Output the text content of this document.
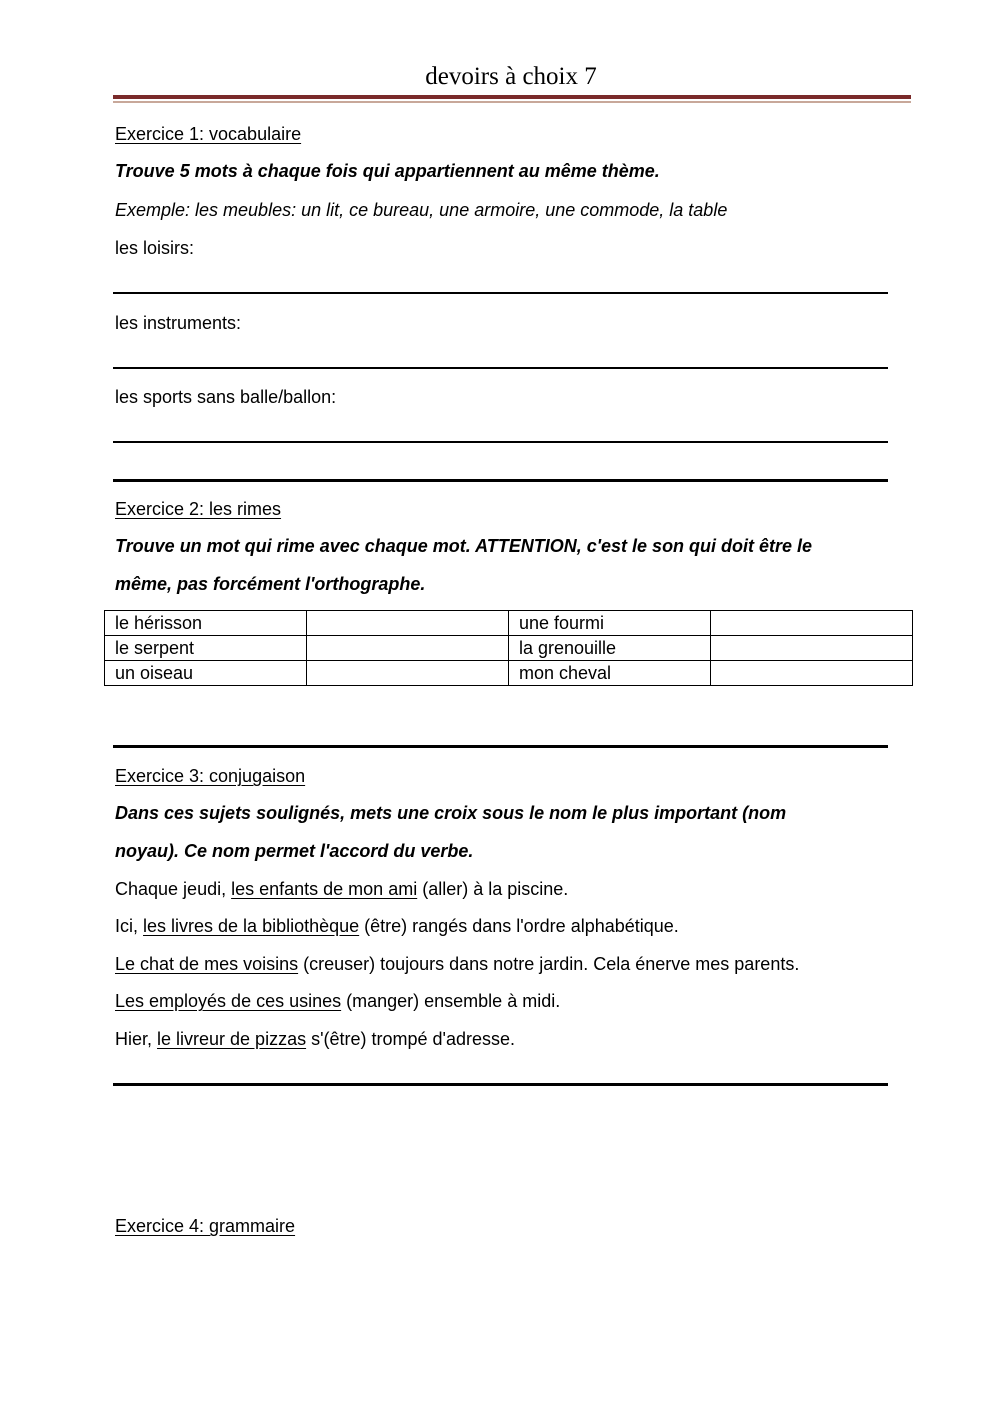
devoirs à choix 7
Exercice 1: vocabulaire
Trouve 5 mots à chaque fois qui appartiennent au même thème.
Exemple: les meubles: un lit, ce bureau, une armoire, une commode, la table
les loisirs:
les instruments:
les sports sans balle/ballon:
Exercice 2: les rimes
Trouve un mot qui rime avec chaque mot. ATTENTION, c'est le son qui doit être le
même, pas forcément l'orthographe.
le hérisson		une fourmi	
le serpent		la grenouille	
un oiseau		mon cheval	
Exercice 3: conjugaison
Dans ces sujets soulignés, mets une croix sous le nom le plus important (nom
noyau). Ce nom permet l'accord du verbe.
Chaque jeudi, les enfants de mon ami (aller) à la piscine.
Ici, les livres de la bibliothèque (être) rangés dans l'ordre alphabétique.
Le chat de mes voisins (creuser) toujours dans notre jardin. Cela énerve mes parents.
Les employés de ces usines (manger) ensemble à midi.
Hier, le livreur de pizzas s'(être) trompé d'adresse.
Exercice 4: grammaire
